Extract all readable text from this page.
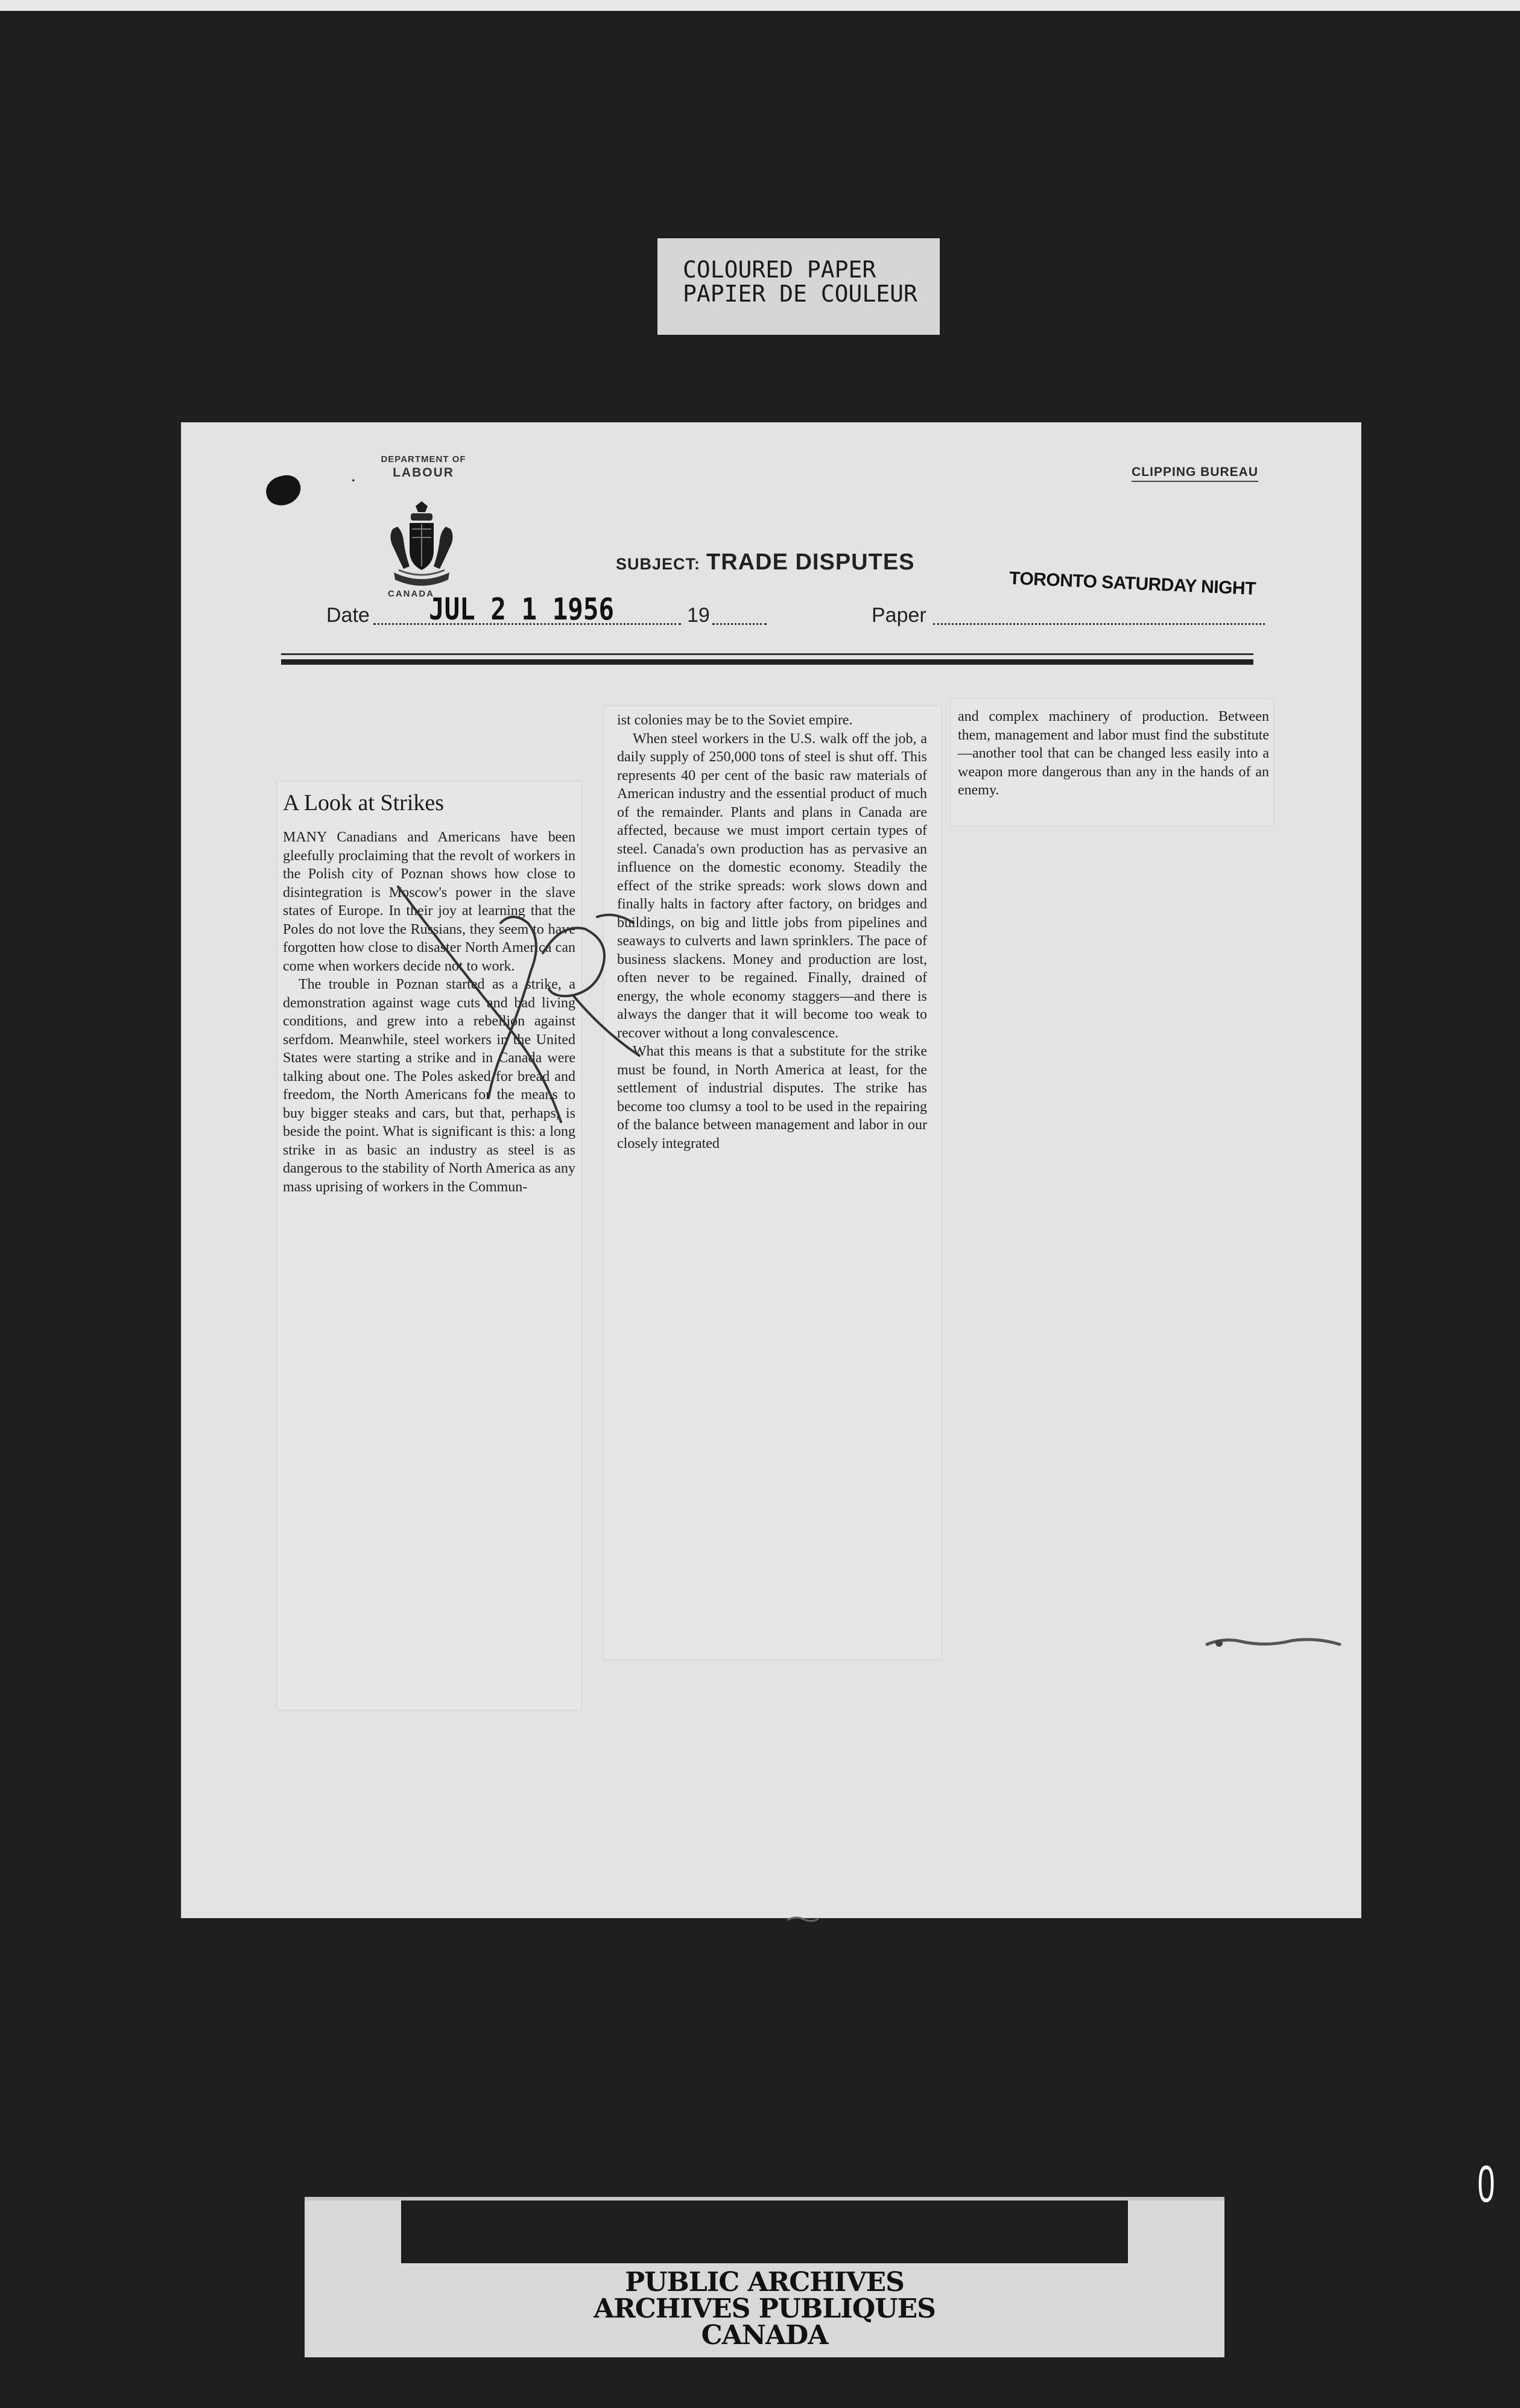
COLOURED PAPER
PAPIER DE COULEUR
•
DEPARTMENT OF
LABOUR
CANADA
CLIPPING BUREAU
SUBJECT: TRADE DISPUTES
TORONTO SATURDAY NIGHT
Date	19	Paper
JUL 2 1 1956
A Look at Strikes

MANY Canadians and Americans have been gleefully proclaiming that the revolt of workers in the Polish city of Poznan shows how close to disintegration is Moscow's power in the slave states of Europe. In their joy at learning that the Poles do not love the Russians, they seem to have forgotten how close to disaster North America can come when workers decide not to work.

The trouble in Poznan started as a strike, a demonstration against wage cuts and bad living conditions, and grew into a rebellion against serfdom. Meanwhile, steel workers in the United States were starting a strike and in Canada were talking about one. The Poles asked for bread and freedom, the North Americans for the means to buy bigger steaks and cars, but that, perhaps, is beside the point. What is significant is this: a long strike in as basic an industry as steel is as dangerous to the stability of North America as any mass uprising of workers in the Commun-

ist colonies may be to the Soviet empire.

When steel workers in the U.S. walk off the job, a daily supply of 250,000 tons of steel is shut off. This represents 40 per cent of the basic raw materials of American industry and the essential product of much of the remainder. Plants and plans in Canada are affected, because we must import certain types of steel. Canada's own production has as pervasive an influence on the domestic economy. Steadily the effect of the strike spreads: work slows down and finally halts in factory after factory, on bridges and buildings, on big and little jobs from pipelines and seaways to culverts and lawn sprinklers. The pace of business slackens. Money and production are lost, often never to be regained. Finally, drained of energy, the whole economy staggers—and there is always the danger that it will become too weak to recover without a long convalescence.

What this means is that a substitute for the strike must be found, in North America at least, for the settlement of industrial disputes. The strike has become too clumsy a tool to be used in the repairing of the balance between management and labor in our closely integrated

and complex machinery of production. Between them, management and labor must find the substitute—another tool that can be changed less easily into a weapon more dangerous than any in the hands of an enemy.

PUBLIC ARCHIVES
ARCHIVES PUBLIQUES
CANADA
0
